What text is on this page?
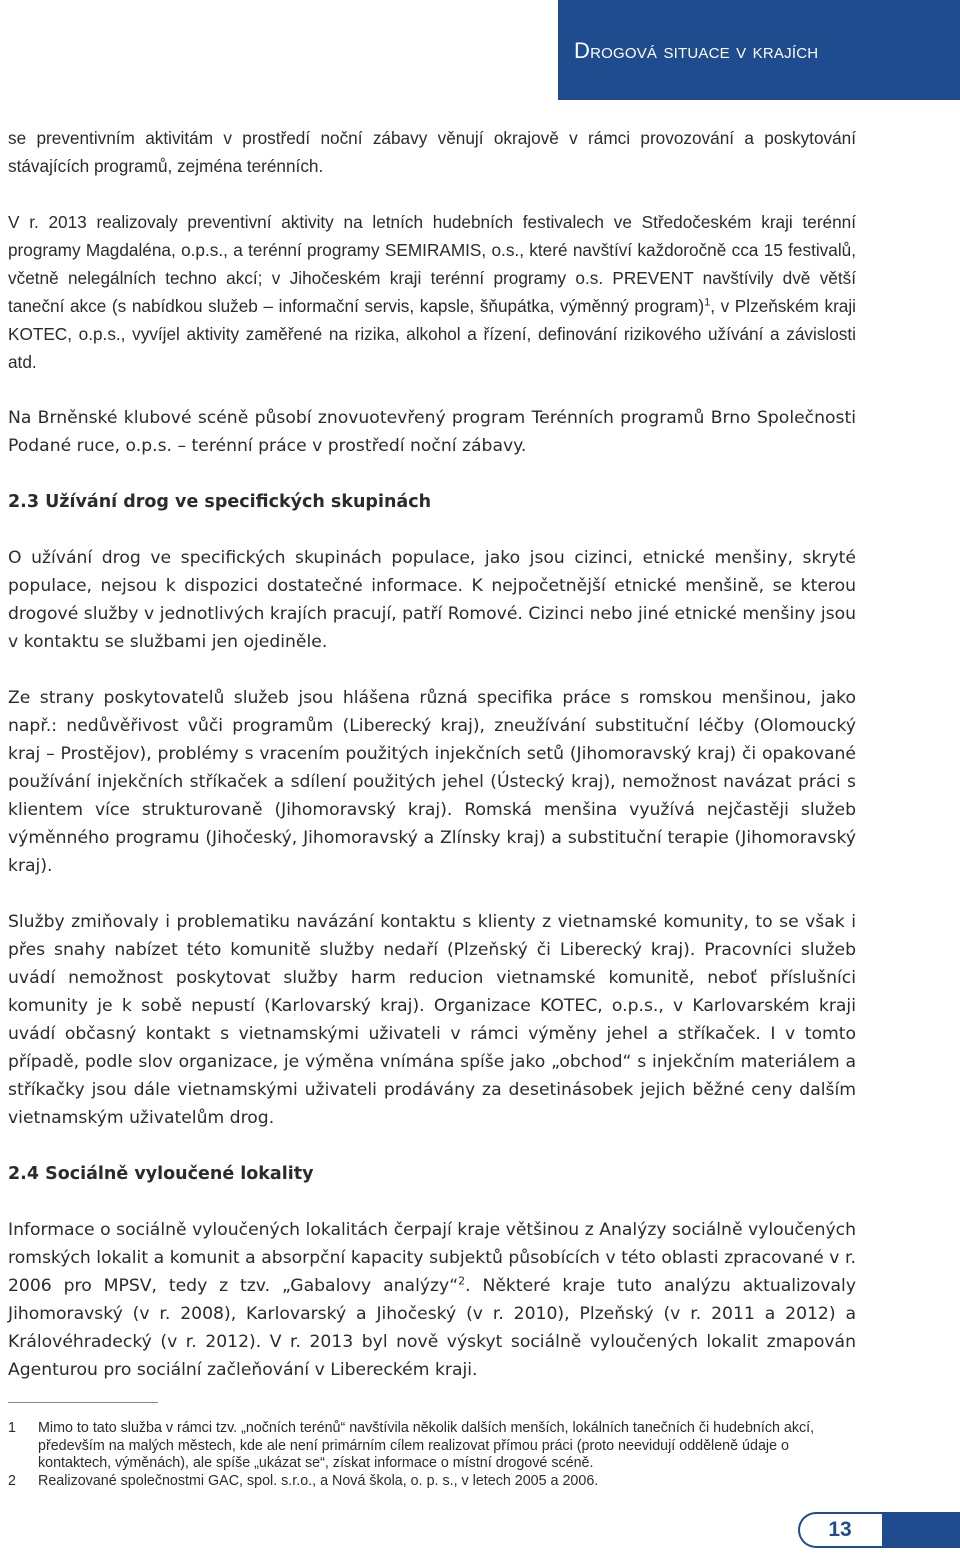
Drogová situace v krajích

se preventivním aktivitám v prostředí noční zábavy věnují okrajově v rámci provozování a poskytování stávajících programů, zejména terénních.

V r. 2013 realizovaly preventivní aktivity na letních hudebních festivalech ve Středočeském kraji terénní programy Magdaléna, o.p.s., a terénní programy SEMIRAMIS, o.s., které navštíví každoročně cca 15 festivalů, včetně nelegálních techno akcí; v Jihočeském kraji terénní programy o.s. PREVENT navštívily dvě větší taneční akce (s nabídkou služeb – informační servis, kapsle, šňupátka, výměnný program)$^1$, v Plzeňském kraji KOTEC, o.p.s., vyvíjel aktivity zaměřené na rizika, alkohol a řízení, definování rizikového užívání a závislosti atd.

Na Brněnské klubové scéně působí znovuotevřený program Terénních programů Brno Společnosti Podané ruce, o.p.s. – terénní práce v prostředí noční zábavy.

2.3 Užívání drog ve specifických skupinách

O užívání drog ve specifických skupinách populace, jako jsou cizinci, etnické menšiny, skryté populace, nejsou k dispozici dostatečné informace. K nejpočetnější etnické menšině, se kterou drogové služby v jednotlivých krajích pracují, patří Romové. Cizinci nebo jiné etnické menšiny jsou v kontaktu se službami jen ojediněle.

Ze strany poskytovatelů služeb jsou hlášena různá specifika práce s romskou menšinou, jako např.: nedůvěřivost vůči programům (Liberecký kraj), zneužívání substituční léčby (Olomoucký kraj – Prostějov), problémy s vracením použitých injekčních setů (Jihomoravský kraj) či opakované používání injekčních stříkaček a sdílení použitých jehel (Ústecký kraj), nemožnost navázat práci s klientem více strukturovaně (Jihomoravský kraj). Romská menšina využívá nejčastěji služeb výměnného programu (Jihočeský, Jihomoravský a Zlínsky kraj) a substituční terapie (Jihomoravský kraj).

Služby zmiňovaly i problematiku navázání kontaktu s klienty z vietnamské komunity, to se však i přes snahy nabízet této komunitě služby nedaří (Plzeňský či Liberecký kraj). Pracovníci služeb uvádí nemožnost poskytovat služby harm reducion vietnamské komunitě, neboť příslušníci komunity je k sobě nepustí (Karlovarský kraj). Organizace KOTEC, o.p.s., v Karlovarském kraji uvádí občasný kontakt s vietnamskými uživateli v rámci výměny jehel a stříkaček. I v tomto případě, podle slov organizace, je výměna vnímána spíše jako „obchod“ s injekčním materiálem a stříkačky jsou dále vietnamskými uživateli prodávány za desetinásobek jejich běžné ceny dalším vietnamským uživatelům drog.

2.4 Sociálně vyloučené lokality

Informace o sociálně vyloučených lokalitách čerpají kraje většinou z Analýzy sociálně vyloučených romských lokalit a komunit a absorpční kapacity subjektů působících v této oblasti zpracované v r. 2006 pro MPSV, tedy z tzv. „Gabalovy analýzy“$^2$. Některé kraje tuto analýzu aktualizovaly Jihomoravský (v r. 2008), Karlovarský a Jihočeský (v r. 2010), Plzeňský (v r. 2011 a 2012) a Královéhradecký (v r. 2012). V r. 2013 byl nově výskyt sociálně vyloučených lokalit zmapován Agenturou pro sociální začleňování v Libereckém kraji.

1	Mimo to tato služba v rámci tzv. „nočních terénů“ navštívila několik dalších menších, lokálních tanečních či hudebních akcí, především na malých městech, kde ale není primárním cílem realizovat přímou práci (proto neevidují odděleně údaje o kontaktech, výměnách), ale spíše „ukázat se“, získat informace o místní drogové scéně.
2	Realizované společnostmi GAC, spol. s.r.o., a Nová škola, o. p. s., v letech 2005 a 2006.
13
